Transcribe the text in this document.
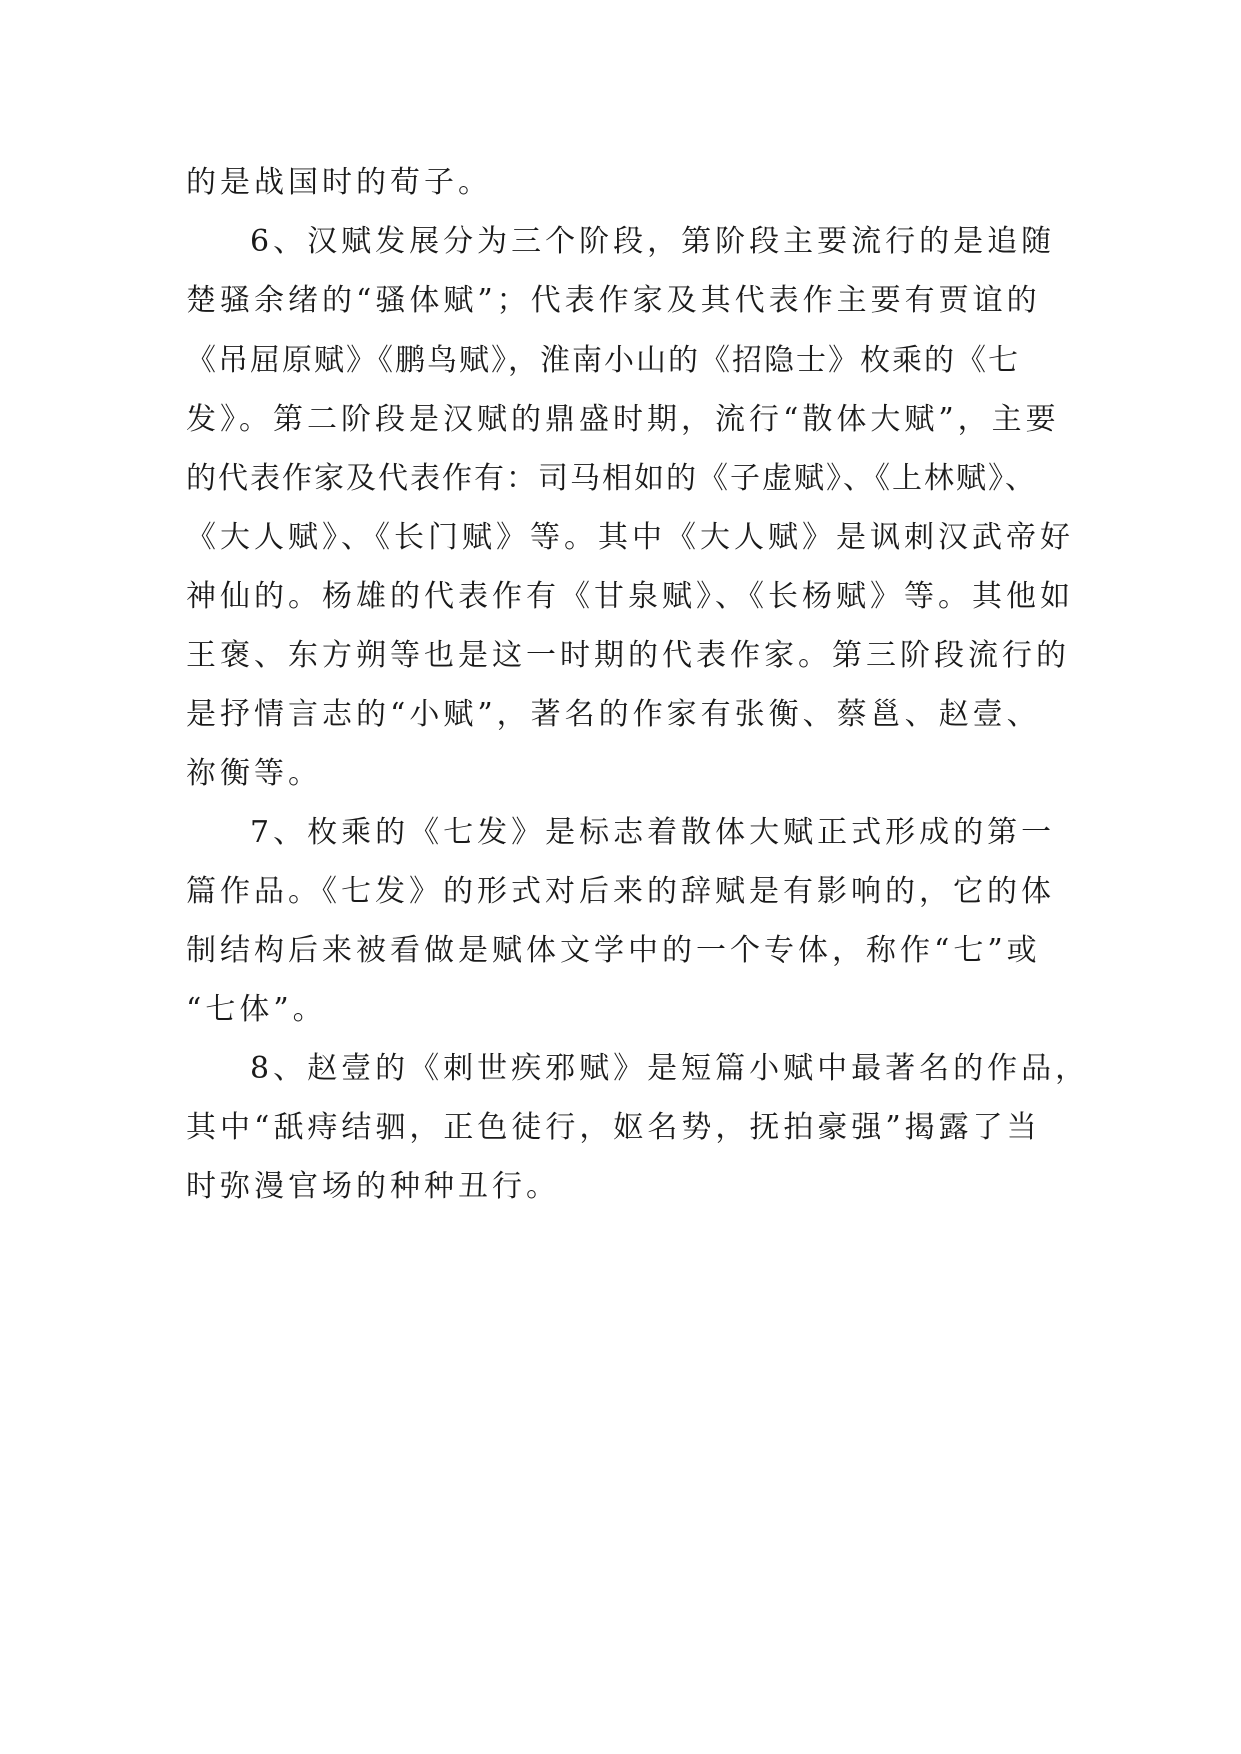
的是战国时的荀子。

6、汉赋发展分为三个阶段，第阶段主要流行的是追随

楚骚余绪的“骚体赋”；代表作家及其代表作主要有贾谊的

《吊屈原赋》《鹏鸟赋》，淮南小山的《招隐士》枚乘的《七

发》。第二阶段是汉赋的鼎盛时期，流行“散体大赋”，主要

的代表作家及代表作有：司马相如的《子虚赋》、《上林赋》、

《大人赋》、《长门赋》等。其中《大人赋》是讽刺汉武帝好

神仙的。杨雄的代表作有《甘泉赋》、《长杨赋》等。其他如

王褒、东方朔等也是这一时期的代表作家。第三阶段流行的

是抒情言志的“小赋”，著名的作家有张衡、蔡邕、赵壹、

祢衡等。

7、枚乘的《七发》是标志着散体大赋正式形成的第一

篇作品。《七发》的形式对后来的辞赋是有影响的，它的体

制结构后来被看做是赋体文学中的一个专体，称作“七”或

“七体”。

8、赵壹的《刺世疾邪赋》是短篇小赋中最著名的作品，

其中“舐痔结驷，正色徒行，妪名势，抚拍豪强”揭露了当

时弥漫官场的种种丑行。
